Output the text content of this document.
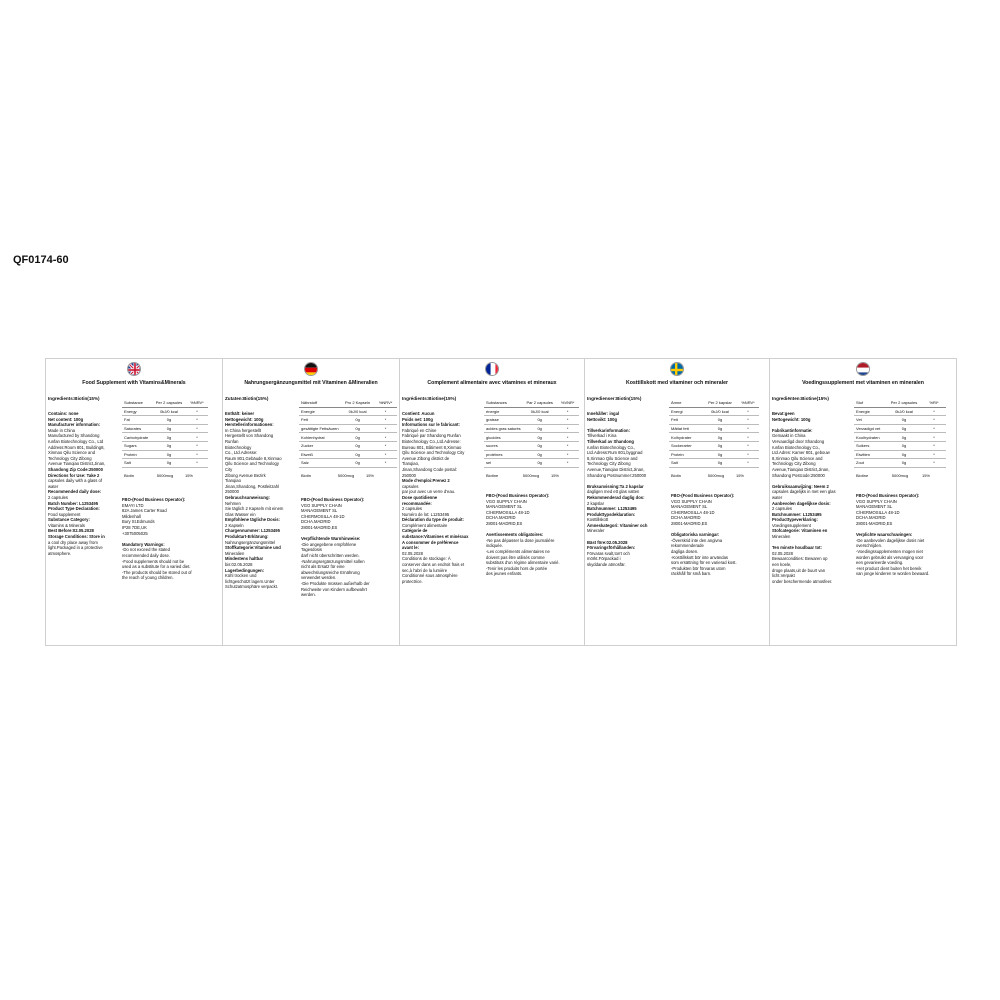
Food Supplement with Vitamins&Minerals
Ingredients:Biotin(15%)

Contains: none

Net content: 100g

Manufacturer information:

Made in China

Manufactured by Shandong

runfan Biotechnology Co., Ltd

Address:Room 801, Building8,

Xinmao Qilu Science and

Technology City Zibong

Avenue Tianqiao District,Jinan,

Shandong Zip Code:250000

Directions for Use: Take 2

capsules daily with a glass of

water

Recommended daily dose:

2 capsules

Batch Number: L1253495

Product Type Declaration:

Food supplement

Substance Category:

Vitamins & Minerals

Best Before:02.05.2028

Storage Conditions: Store in

a cool dry place away from

light.Packaged in a protective

atmosphere.

Substance	Per 2 capsules	%NRV*
Energy	0kJ/0 kcal	*
Fat	0g	*
Saturates	0g	*
Carbohydrate	0g	*
Sugars	0g	*
Protein	0g	*
Salt	0g	*
Biotin	5000mcg	15%

FBO-(Food Business Operator):

EMAYI LTD

82A James Carter Road

Mildenhall

Bury St.Edmunds

IP28 7DE,UK

+3075005025

Mandatory Warnings:

-Do not exceed the stated

recommended daily dose.

-Food supplements should not be

used as a substitute for a varied diet.

-The products should be stored out of

the reach of young children.

Nahrungsergänzungsmittel mit Vitaminen &Mineralien
Zutaten:Biotin(15%)

Enthält: keiner

Nettogewicht: 100g

Herstellerinformationen:

In China hergestellt

Hergestellt von Shandong

Runfan

Biotechnology

Co., Ltd.Adresse:

Raum 801,Gebäude 8,Xinmao

Qilu Science and Technology

City

Zibong Avenue Bezirk

Tianqiao

Jinan,Shandong, Postleitzahl

250000

Gebrauchsanweisung:

Nehmen

Sie täglich 2 Kapseln mit einem

Glas Wasser ein

Empfohlene tägliche Dosis:

2 Kapseln

Chargennummer: L1253495

Produktart-Erklärung:

Nahrungsergänzungsmittel

Stoffkategorie:Vitamine und

Mineralien

Mindestens haltbar

bis:02.05.2028

Lagerbedingungen:

Kühl trocken und

lichtgeschützt lagern.Unter

Schutzatmosphäre verpackt.

Nährstoff	Pro 2 Kapseln	%NRV*
Energie	0kJ/0 kcal	*
Fett	0g	*
gesättigte Fettsäuren	0g	*
Kohlenhydrat	0g	*
Zucker	0g	*
Eiweiß	0g	*
Salz	0g	*
Biotin	5000mcg	15%

FBO-(Food Business Operator):

VGO SUPPLY CHAIN

MANAGEMENT SL

C/HERMOSILLA 48-1D

DCHA.MADRID

28001-MADRID,ES

Verpflichtende Warnhinweise:

-Die angegebene empfohlene

Tagesdosis

darf nicht überschritten werden.

-Nahrungsergänzungsmittel sollen

nicht als Ersatz für eine

abwechslungsreiche Ernährung

verwendet werden.

-Die Produkte müssen außerhalb der

Reichweite von Kindern aufbewahrt

werden.

Complement alimentaire avec vitamines et mineraux
Ingrédients:Biotine(15%)

Contient: Aucun

Poids net: 100g

Informations sur le fabricant:

Fabriqué en Chine

Fabriqué par Shandong Runfan

Biotechnology Co.,Ltd.Adresse:

Bureau 801, Bâtiment 8,Xinmao

Qilu Science and Technology City

Avenue Zibong district de

Tianqiao,

Jinan,Shandong Code postal:

250000

Mode d'emploi:Prenez 2

capsules

par jour avec un verre d'eau.

Dose quotidienne

recommandée:

2 capsules

Numéro de lot: L1253495

Déclaration du type de produit:

Complément alimentaire

Catégorie de

substance:Vitamines et minéraux

A consommer de préférence

avant le:

02.05.2028

Conditions de stockage: À

conserver dans un endroit frais et

sec,à l'abri de la lumière

Conditionné sous atmosphère

protectrice.

Substances	Par 2 capsules	%VNR*
énergie	0kJ/0 kcal	*
graisse	0g	*
acides gras saturés	0g	*
glucides	0g	*
sucres	0g	*
protéines	0g	*
sel	0g	*
Biotine	5000mcg	15%

FBO-(Food Business Operator):

VGO SUPPLY CHAIN

MANAGEMENT SL

C/HERMOSILLA 48-1D

DCHA.MADRID

28001-MADRID,ES

Avertissements obligatoires:

-Ne pas dépasser la dose journalière

indiquée.

-Les compléments alimentaires ne

doivent pas être utilisés comme

substituts d'un régime alimentaire varié.

-Tenir les produits hors de portée

des jeunes enfants.

Kosttillskott med vitaminer och mineraler
Ingredienser:Biotin(15%)

Innehåller: ingal

Nettovikt: 100g

Tillverkarinformation:

Tillverkad i Kina

Tillverkad av Shandong

runfan Biotechnology Co.,

Ltd.Adress:Rum 801,byggnad

8,Xinmao Qilu Science and

Technology City Zibong

Avenue,Tianqiao District,Jinan,

Shandong Postnummer:250000

Bruksanvisning:Ta 2 kapslar

dagligen med ett glas vatten

Rekommenderad daglig dos:

2 kapslar

Batchnummer: L1253495

Produkttypsdeklaration:

Kosttillskott

Ämneskategori: Vitaminer och

Mineraler

Bäst före:02.05.2028

Förvaringsförhållanden:

Förvaras svalt,torrt och

mörkt.Förpackad i

skyddande atmosfär.

Ämne	Per 2 kapslar	%NRV*
Energi	0kJ/0 kcal	*
Fett	0g	*
Mättat fett	0g	*
Kolhydrater	0g	*
Sockerarter	0g	*
Protein	0g	*
Salt	0g	*
Biotin	5000mcg	15%

FBO-(Food Business Operator):

VGO SUPPLY CHAIN

MANAGEMENT SL

C/HERMOSILLA 48-1D

DCHA.MADRID

28001-MADRID,ES

Obligatoriska varningar:

-Överskrid inte den angivna

rekommenderade

dagliga dosen.

-Kosttillskott bör inte användas

som ersättning för en varierad kost.

-Produkten bör förvaras utom

räckhåll för små barn.

Voedingssupplement met vitaminen en mineralen
Ingrediënten:Biotine(15%)

Bevat:geen

Nettogewicht: 100g

Fabrikantinformatie:

Gemaakt in China

Vervaardigd door Shandong

runfan Biotechnology Co.,

Ltd.Adres: Kamer 801, gebouw

8,Xinmao Qilu Science and

Technology City Zibong

Avenue,Tianqiao District,Jinan,

Shandong Postcode:250000

Gebruiksaanwijzing: Neem 2

capsules dagelijks in met een glas

water

Aanbevolen dagelijkse dosis:

2 capsules

Batchnummer: L1253495

Producttypeverklaring:

Voedingssupplement

Stofcategorie: Vitaminen en

Mineralen

Ten minste houdbaar tot:

02.05.2028

Bewaarcondities: Bewaren op

een koele,

droge plaats,uit de buurt van

licht.Verpakt

onder beschermende atmosfeer.

Stof	Per 2 capsules	%RI*
Energie	0kJ/0 kcal	*
Vet	0g	*
Verzadigd vet	0g	*
Koolhydraten	0g	*
Suikers	0g	*
Eiwitten	0g	*
Zout	0g	*
Biotine	5000mcg	15%

FBO-(Food Business Operator):

VGO SUPPLY CHAIN

MANAGEMENT SL

C/HERMOSILLA 48-1D

DCHA.MADRID

28001-MADRID,ES

Verplichte waarschuwingen:

-De aanbevolen dagelijkse dosis niet

overschrijden.

-Voedingssupplementen mogen niet

worden gebruikt als vervanging voor

een gevarieerde voeding.

-Het product dient buiten het bereik

van jonge kinderen te worden bewaard.

QF0174-60
